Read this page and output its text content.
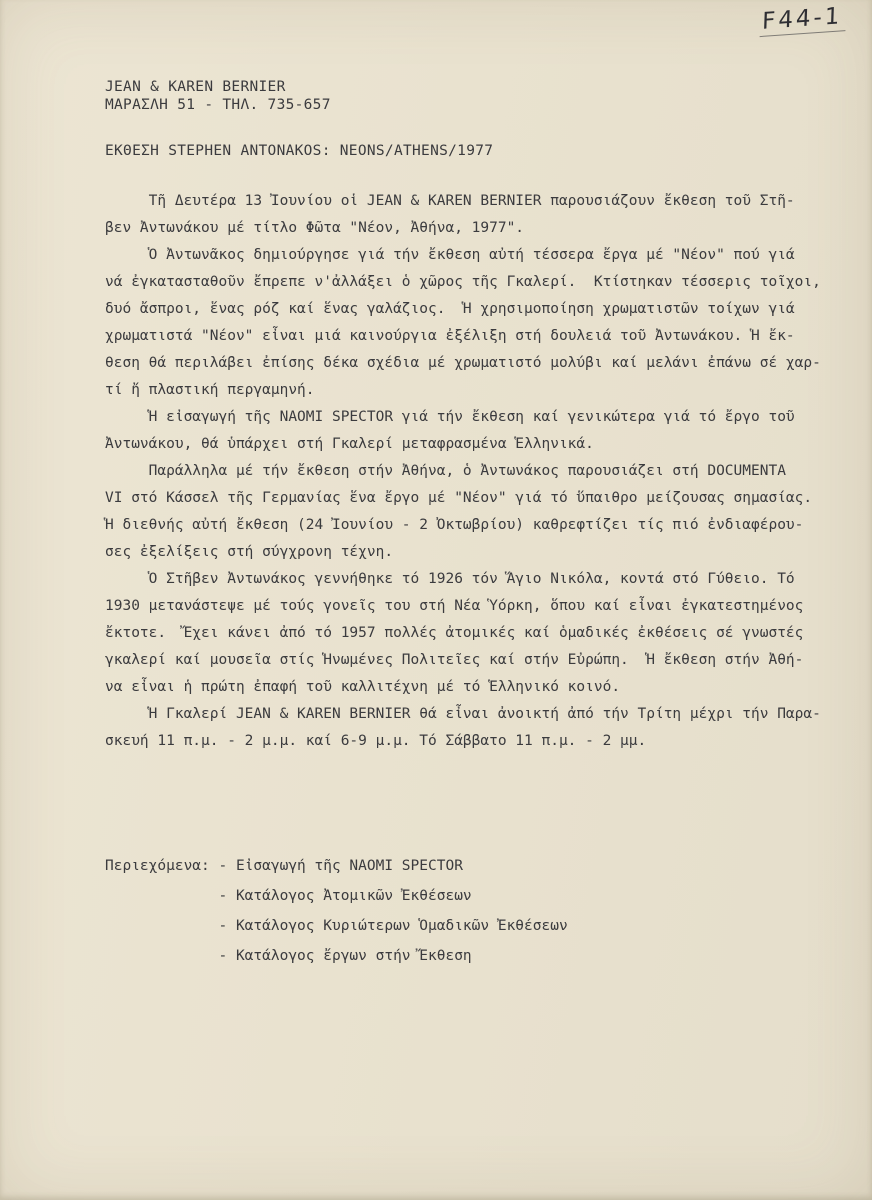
F44-1
JEAN & KAREN BERNIER
ΜΑΡΑΣΛΗ 51 - ΤΗΛ. 735-657
ΕΚΘΕΣΗ STEPHEN ANTONAKOS: NEONS/ATHENS/1977
Τῆ Δευτέρα 13 Ἰουνίου οἱ JEAN & KAREN BERNIER παρουσιάζουν ἔκθεση τοῦ Στῆ-
βεν Ἀντωνάκου μέ τίτλο Φῶτα "Νέον, Ἀθήνα, 1977".
Ὁ Ἀντωνᾶκος δημιούργησε γιά τήν ἔκθεση αὐτή τέσσερα ἔργα μέ "Νέον" πού γιά
νά ἐγκατασταθοῦν ἔπρεπε ν'ἀλλάξει ὁ χῶρος τῆς Γκαλερί.  Κτίστηκαν τέσσερις τοῖχοι,
δυό ἄσπροι, ἕνας ρόζ καί ἕνας γαλάζιος.  Ἡ χρησιμοποίηση χρωματιστῶν τοίχων γιά
χρωματιστά "Νέον" εἶναι μιά καινούργια ἐξέλιξη στή δουλειά τοῦ Ἀντωνάκου. Ἡ ἔκ-
θεση θά περιλάβει ἐπίσης δέκα σχέδια μέ χρωματιστό μολύβι καί μελάνι ἐπάνω σέ χαρ-
τί ἤ πλαστική περγαμηνή.
Ἡ εἰσαγωγή τῆς NAOMI SPECTOR γιά τήν ἔκθεση καί γενικώτερα γιά τό ἔργο τοῦ
Ἀντωνάκου, θά ὑπάρχει στή Γκαλερί μεταφρασμένα Ἑλληνικά.
Παράλληλα μέ τήν ἔκθεση στήν Ἀθήνα, ὁ Ἀντωνάκος παρουσιάζει στή DOCUMENTA
VI στό Κάσσελ τῆς Γερμανίας ἕνα ἔργο μέ "Νέον" γιά τό ὕπαιθρο μείζουσας σημασίας.
Ἡ διεθνής αὐτή ἔκθεση (24 Ἰουνίου - 2 Ὀκτωβρίου) καθρεφτίζει τίς πιό ἐνδιαφέρου-
σες ἐξελίξεις στή σύγχρονη τέχνη.
Ὁ Στῆβεν Ἀντωνάκος γεννήθηκε τό 1926 τόν Ἅγιο Νικόλα, κοντά στό Γύθειο. Τό
1930 μετανάστεψε μέ τούς γονεῖς του στή Νέα Ὑόρκη, ὅπου καί εἶναι ἐγκατεστημένος
ἔκτοτε.  Ἔχει κάνει ἀπό τό 1957 πολλές ἀτομικές καί ὁμαδικές ἐκθέσεις σέ γνωστές
γκαλερί καί μουσεῖα στίς Ἡνωμένες Πολιτεῖες καί στήν Εὐρώπη.  Ἡ ἔκθεση στήν Ἀθή-
να εἶναι ἡ πρώτη ἐπαφή τοῦ καλλιτέχνη μέ τό Ἑλληνικό κοινό.
Ἡ Γκαλερί JEAN & KAREN BERNIER θά εἶναι ἀνοικτή ἀπό τήν Τρίτη μέχρι τήν Παρα-
σκευή 11 π.μ. - 2 μ.μ. καί 6-9 μ.μ. Τό Σάββατο 11 π.μ. - 2 μμ.
Περιεχόμενα: - Εἰσαγωγή τῆς NAOMI SPECTOR
- Κατάλογος Ἀτομικῶν Ἐκθέσεων
- Κατάλογος Κυριώτερων Ὁμαδικῶν Ἐκθέσεων
- Κατάλογος ἔργων στήν Ἔκθεση
